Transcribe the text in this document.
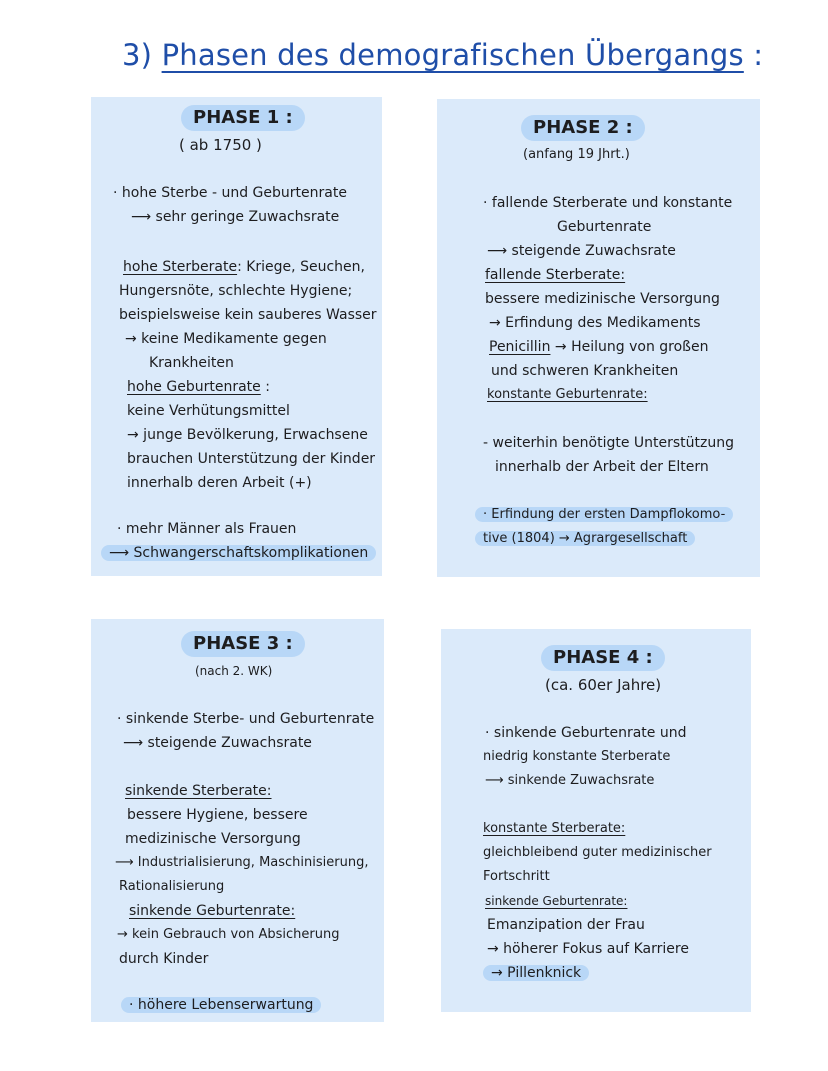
3) Phasen des demografischen Übergangs :
PHASE 1 :
( ab 1750 )
· hohe Sterbe - und Geburtenrate
⟶ sehr geringe Zuwachsrate
hohe Sterberate: Kriege, Seuchen,
Hungersnöte, schlechte Hygiene;
beispielsweise kein sauberes Wasser
→ keine Medikamente gegen
Krankheiten
hohe Geburtenrate :
keine Verhütungsmittel
→ junge Bevölkerung, Erwachsene
brauchen Unterstützung der Kinder
innerhalb deren Arbeit (+)
· mehr Männer als Frauen
⟶ Schwangerschaftskomplikationen
PHASE 2 :
(anfang 19 Jhrt.)
· fallende Sterberate und konstante
Geburtenrate
⟶ steigende Zuwachsrate
fallende Sterberate:
bessere medizinische Versorgung
→ Erfindung des Medikaments
Penicillin → Heilung von großen
und schweren Krankheiten
konstante Geburtenrate:
- weiterhin benötigte Unterstützung
innerhalb der Arbeit der Eltern
· Erfindung der ersten Dampflokomo-
tive (1804) → Agrargesellschaft
PHASE 3 :
(nach 2. WK)
· sinkende Sterbe- und Geburtenrate
⟶ steigende Zuwachsrate
sinkende Sterberate:
bessere Hygiene, bessere
medizinische Versorgung
⟶ Industrialisierung, Maschinisierung,
Rationalisierung
sinkende Geburtenrate:
→ kein Gebrauch von Absicherung
durch Kinder
· höhere Lebenserwartung
PHASE 4 :
(ca. 60er Jahre)
· sinkende Geburtenrate und
niedrig konstante Sterberate
⟶ sinkende Zuwachsrate
konstante Sterberate:
gleichbleibend guter medizinischer
Fortschritt
sinkende Geburtenrate:
Emanzipation der Frau
→ höherer Fokus auf Karriere
→ Pillenknick
